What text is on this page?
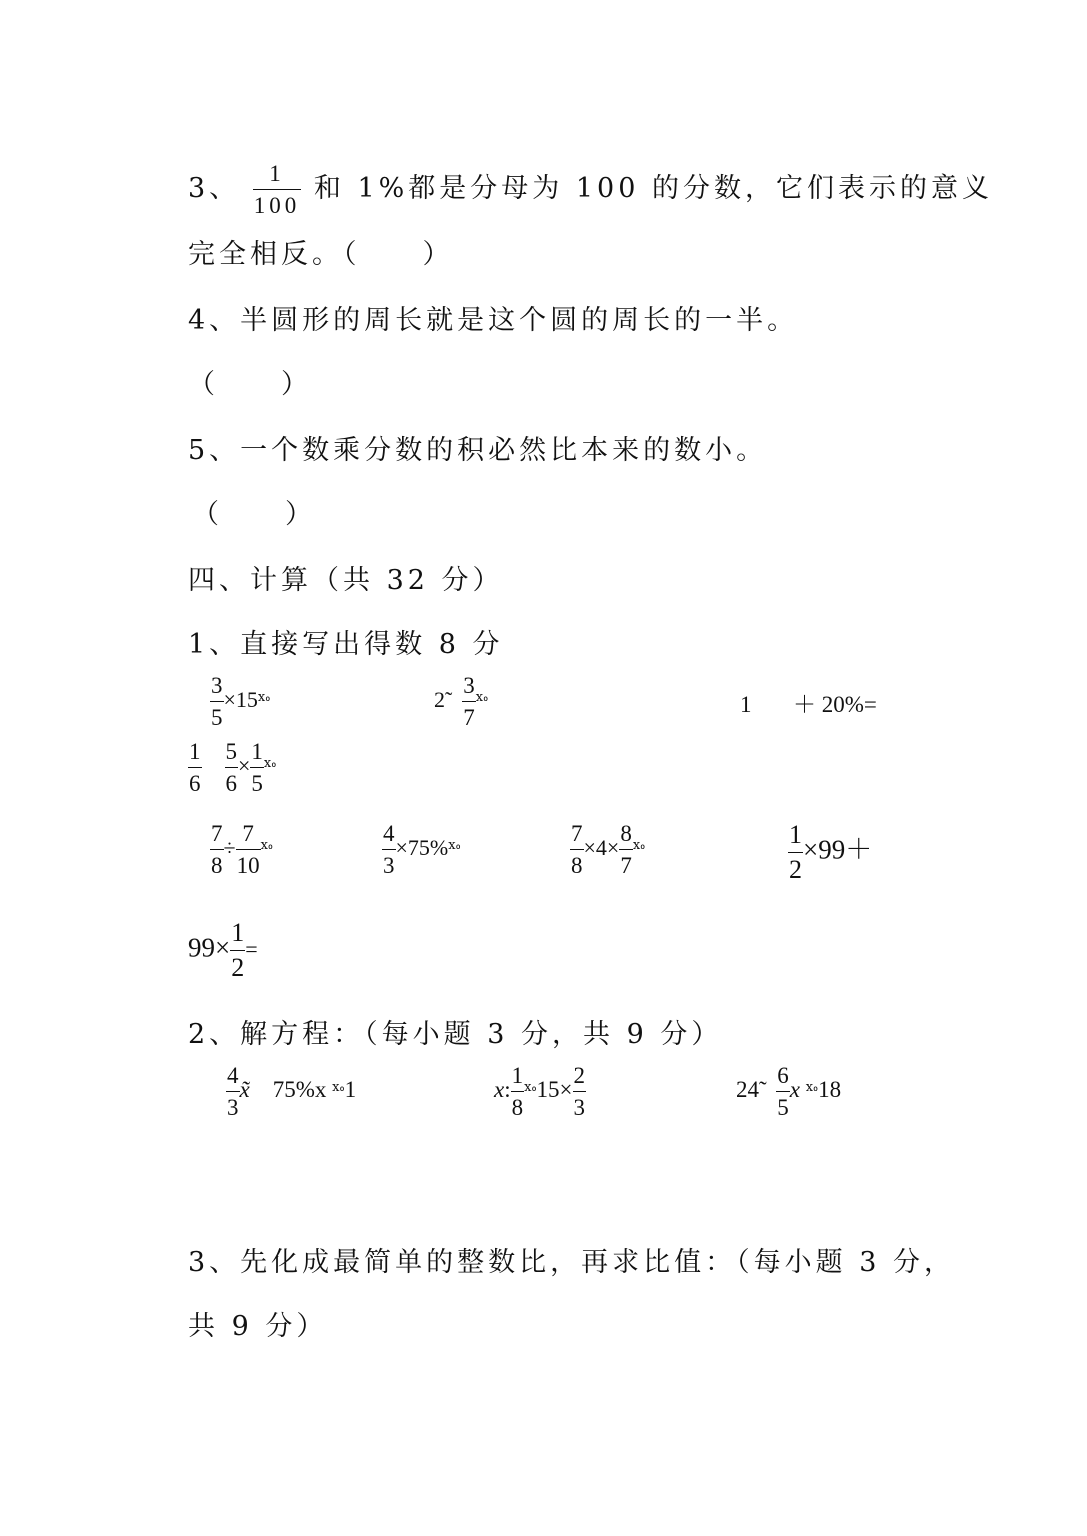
3、 $\frac{1}{100}$ 和 1%都是分母为 100 的分数，它们表示的意义
完全相反。（　　）
4、半圆形的周长就是这个圆的周长的一半。
（　　）
5、一个数乘分数的积必然比本来的数小。
（　　）
四、计算（共 32 分）
1、直接写出得数 8 分
$\frac{3}{5} \times 15^{ⅹ៰}$	2̃ $\frac{3}{7} ^{ⅹ៰}$	1 ＋ 20%=
$\frac{1}{6}$
$\frac{5}{6} \times \frac{1}{5} ^{ⅹ៰}$
$\frac{7}{8} \div \frac{7}{10} ^{ⅹ៰}$	$\frac{4}{3} \times 75\%^{ⅹ៰}$	$\frac{7}{8} \times 4\times \frac{8}{7} ^{ⅹ៰}$	$\frac{1}{2} \times 99+$
$99\times \frac{1}{2}$ =
2、解方程：（每小题 3 分，共 9 分）
$\frac{4}{3}$ x̃ 75%x $^{ⅹ៰}$1	x: $\frac{1}{8} ^{ⅹ៰}15\times \frac{2}{3}$	24̃ $\frac{6}{5}$ x $^{ⅹ៰}$18
3、先化成最简单的整数比，再求比值：（每小题 3 分，
共 9 分）
